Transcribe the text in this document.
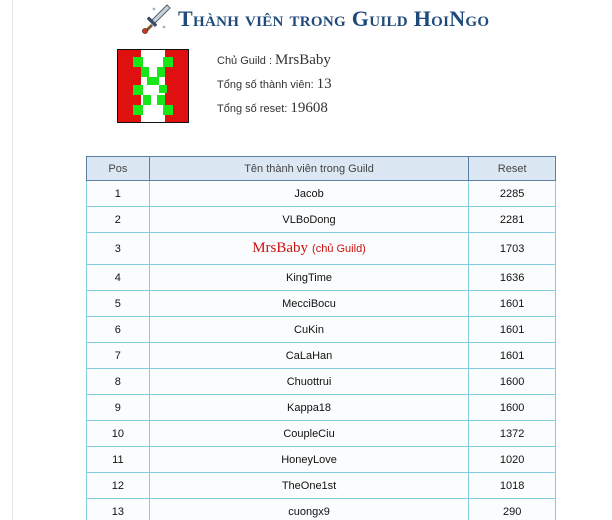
Thành viên trong Guild HoiNgo
Chủ Guild : MrsBaby
Tổng số thành viên: 13
Tổng số reset: 19608
Pos	Tên thành viên trong Guild	Reset
1	Jacob	2285
2	VLBoDong	2281
3	MrsBaby (chủ Guild)	1703
4	KingTime	1636
5	MecciBocu	1601
6	CuKin	1601
7	CaLaHan	1601
8	Chuottrui	1600
9	Kappa18	1600
10	CoupleCiu	1372
11	HoneyLove	1020
12	TheOne1st	1018
13	cuongx9	290
